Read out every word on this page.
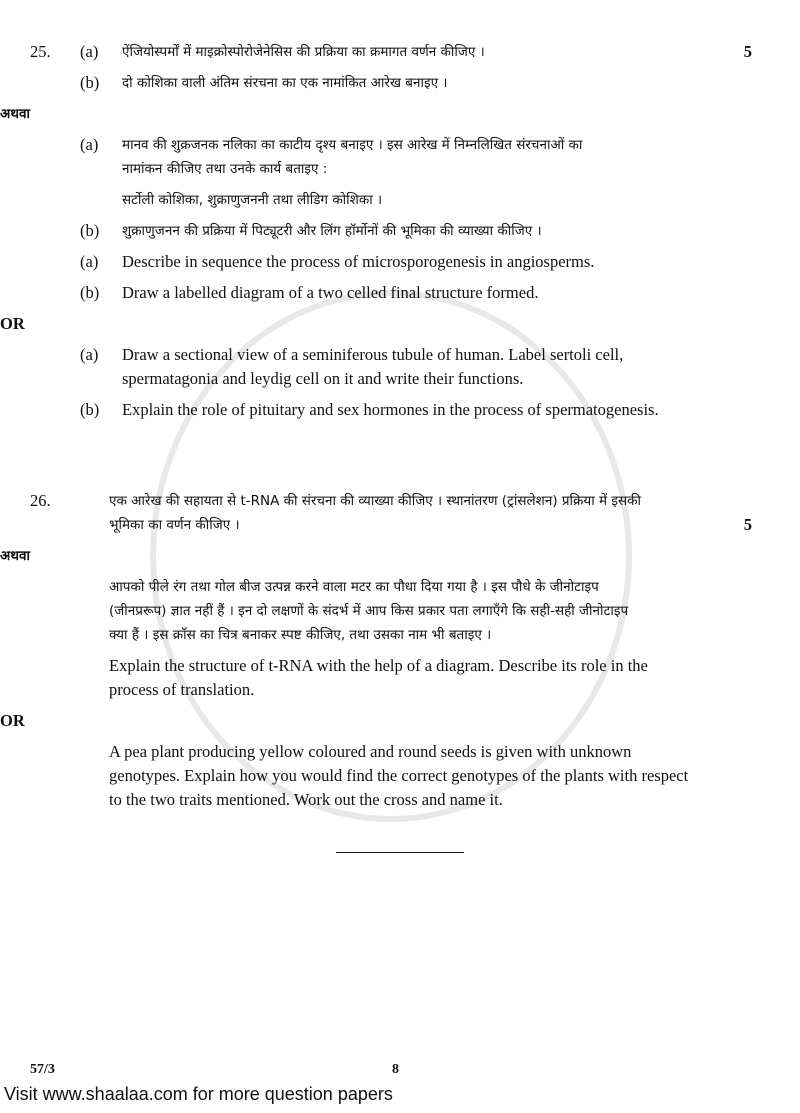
25.	(a)	ऐंजियोस्पर्मों में माइक्रोस्पोरोजेनेसिस की प्रक्रिया का क्रमागत वर्णन कीजिए ।	5
(b)	दो कोशिका वाली अंतिम संरचना का एक नामांकित आरेख बनाइए ।
अथवा
(a)	मानव की शुक्रजनक नलिका का काटीय दृश्य बनाइए । इस आरेख में निम्नलिखित संरचनाओं का
नामांकन कीजिए तथा उनके कार्य बताइए :
सर्टोली कोशिका, शुक्राणुजननी तथा लीडिग कोशिका ।
(b)	शुक्राणुजनन की प्रक्रिया में पिट्यूटरी और लिंग हॉर्मोनों की भूमिका की व्याख्या कीजिए ।
(a)	Describe in sequence the process of microsporogenesis in angiosperms.
(b)	Draw a labelled diagram of a two celled final structure formed.
OR
(a)	Draw a sectional view of a seminiferous tubule of human. Label sertoli cell,
spermatagonia and leydig cell on it and write their functions.
(b)	Explain the role of pituitary and sex hormones in the process of spermatogenesis.
26.	एक आरेख की सहायता से t-RNA की संरचना की व्याख्या कीजिए । स्थानांतरण (ट्रांसलेशन) प्रक्रिया में इसकी
भूमिका का वर्णन कीजिए ।	5
अथवा
आपको पीले रंग तथा गोल बीज उत्पन्न करने वाला मटर का पौधा दिया गया है । इस पौधे के जीनोटाइप
(जीनप्ररूप) ज्ञात नहीं हैं । इन दो लक्षणों के संदर्भ में आप किस प्रकार पता लगाएँगे कि सही-सही जीनोटाइप
क्या हैं । इस क्रॉस का चित्र बनाकर स्पष्ट कीजिए, तथा उसका नाम भी बताइए ।
Explain the structure of t-RNA with the help of a diagram. Describe its role in the
process of translation.
OR
A pea plant producing yellow coloured and round seeds is given with unknown
genotypes. Explain how you would find the correct genotypes of the plants with respect
to the two traits mentioned. Work out the cross and name it.
57/3	8
Visit www.shaalaa.com for more question papers
